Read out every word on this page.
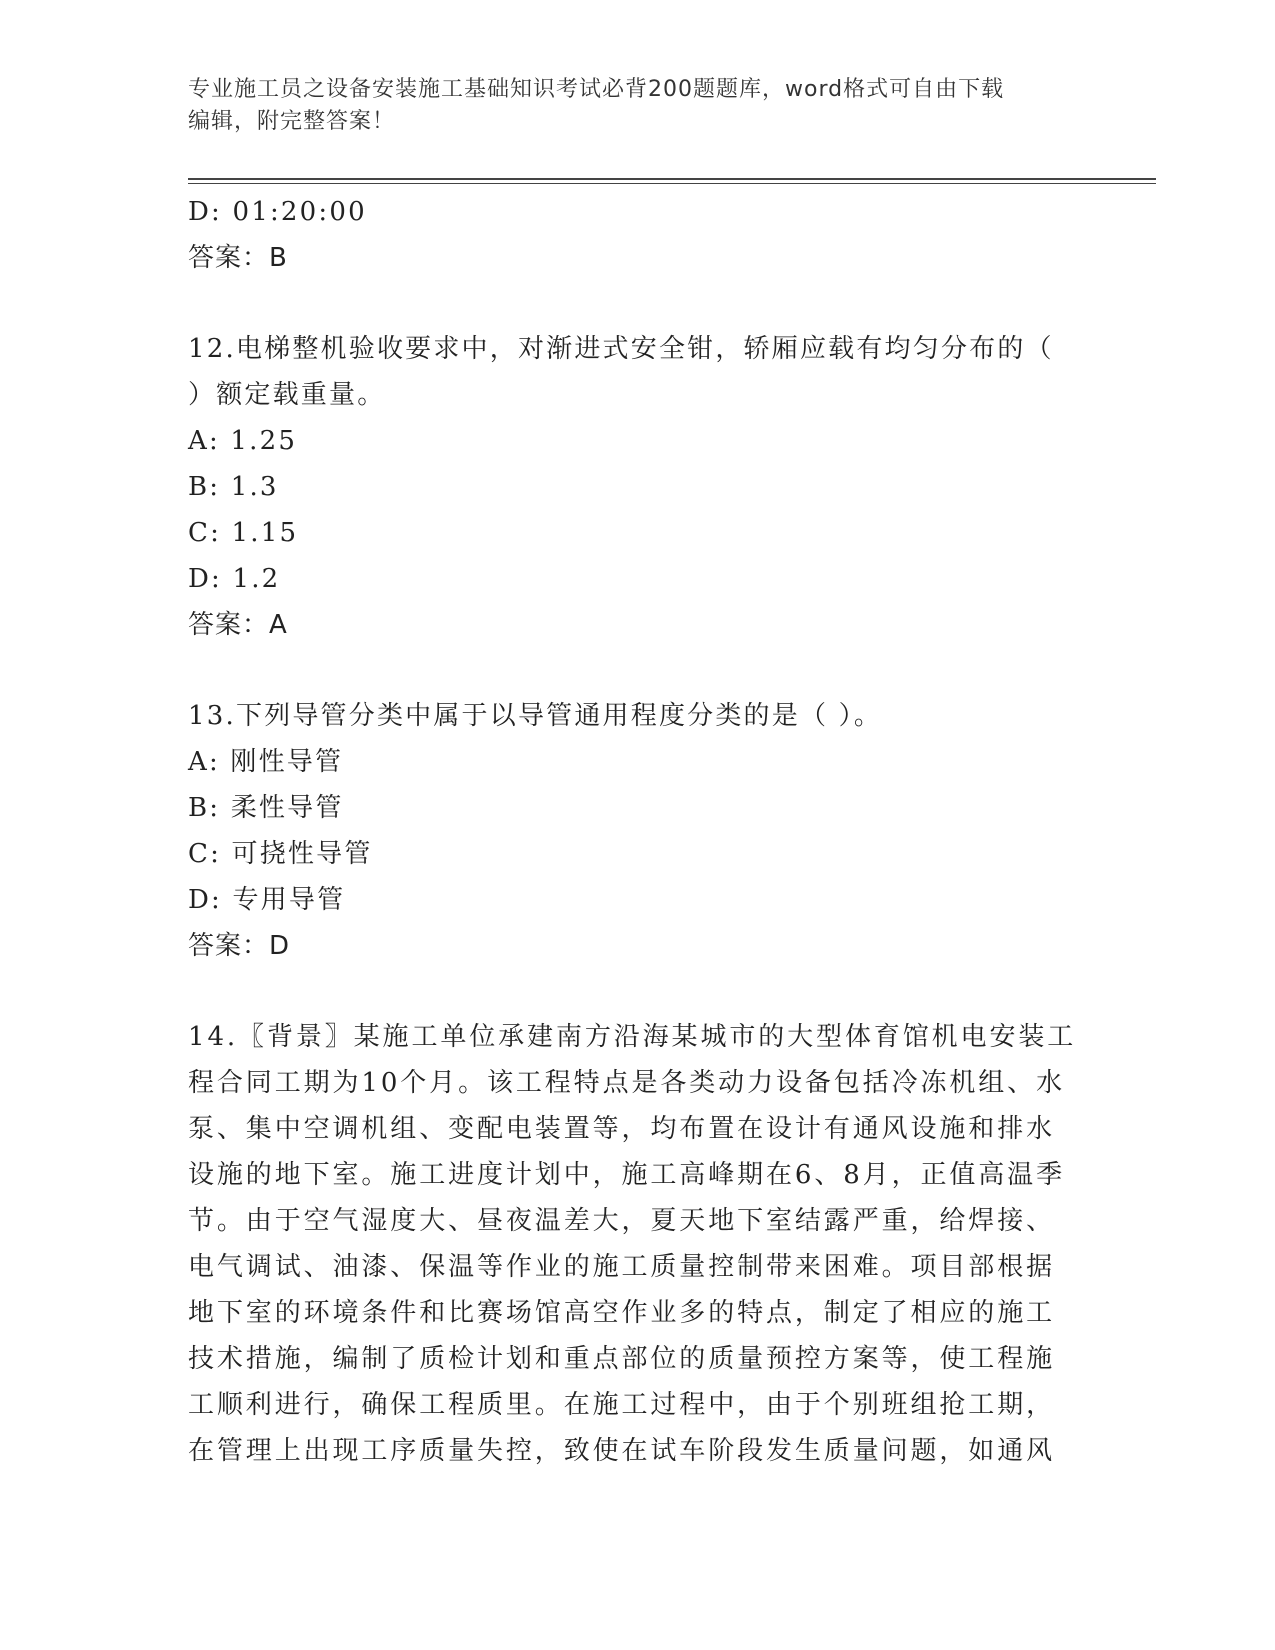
专业施工员之设备安装施工基础知识考试必背200题题库，word格式可自由下载
编辑，附完整答案！
D: 01:20:00
答案：B
12.电梯整机验收要求中，对渐进式安全钳，轿厢应载有均匀分布的（
）额定载重量。
A: 1.25
B: 1.3
C: 1.15
D: 1.2
答案：A
13.下列导管分类中属于以导管通用程度分类的是（ ）。
A: 刚性导管
B: 柔性导管
C: 可挠性导管
D: 专用导管
答案：D
14.〖背景〗某施工单位承建南方沿海某城市的大型体育馆机电安装工
程合同工期为10个月。该工程特点是各类动力设备包括冷冻机组、水
泵、集中空调机组、变配电装置等，均布置在设计有通风设施和排水
设施的地下室。施工进度计划中，施工高峰期在6、8月，正值高温季
节。由于空气湿度大、昼夜温差大，夏天地下室结露严重，给焊接、
电气调试、油漆、保温等作业的施工质量控制带来困难。项目部根据
地下室的环境条件和比赛场馆高空作业多的特点，制定了相应的施工
技术措施，编制了质检计划和重点部位的质量预控方案等，使工程施
工顺利进行，确保工程质里。在施工过程中，由于个别班组抢工期，
在管理上出现工序质量失控，致使在试车阶段发生质量问题，如通风
